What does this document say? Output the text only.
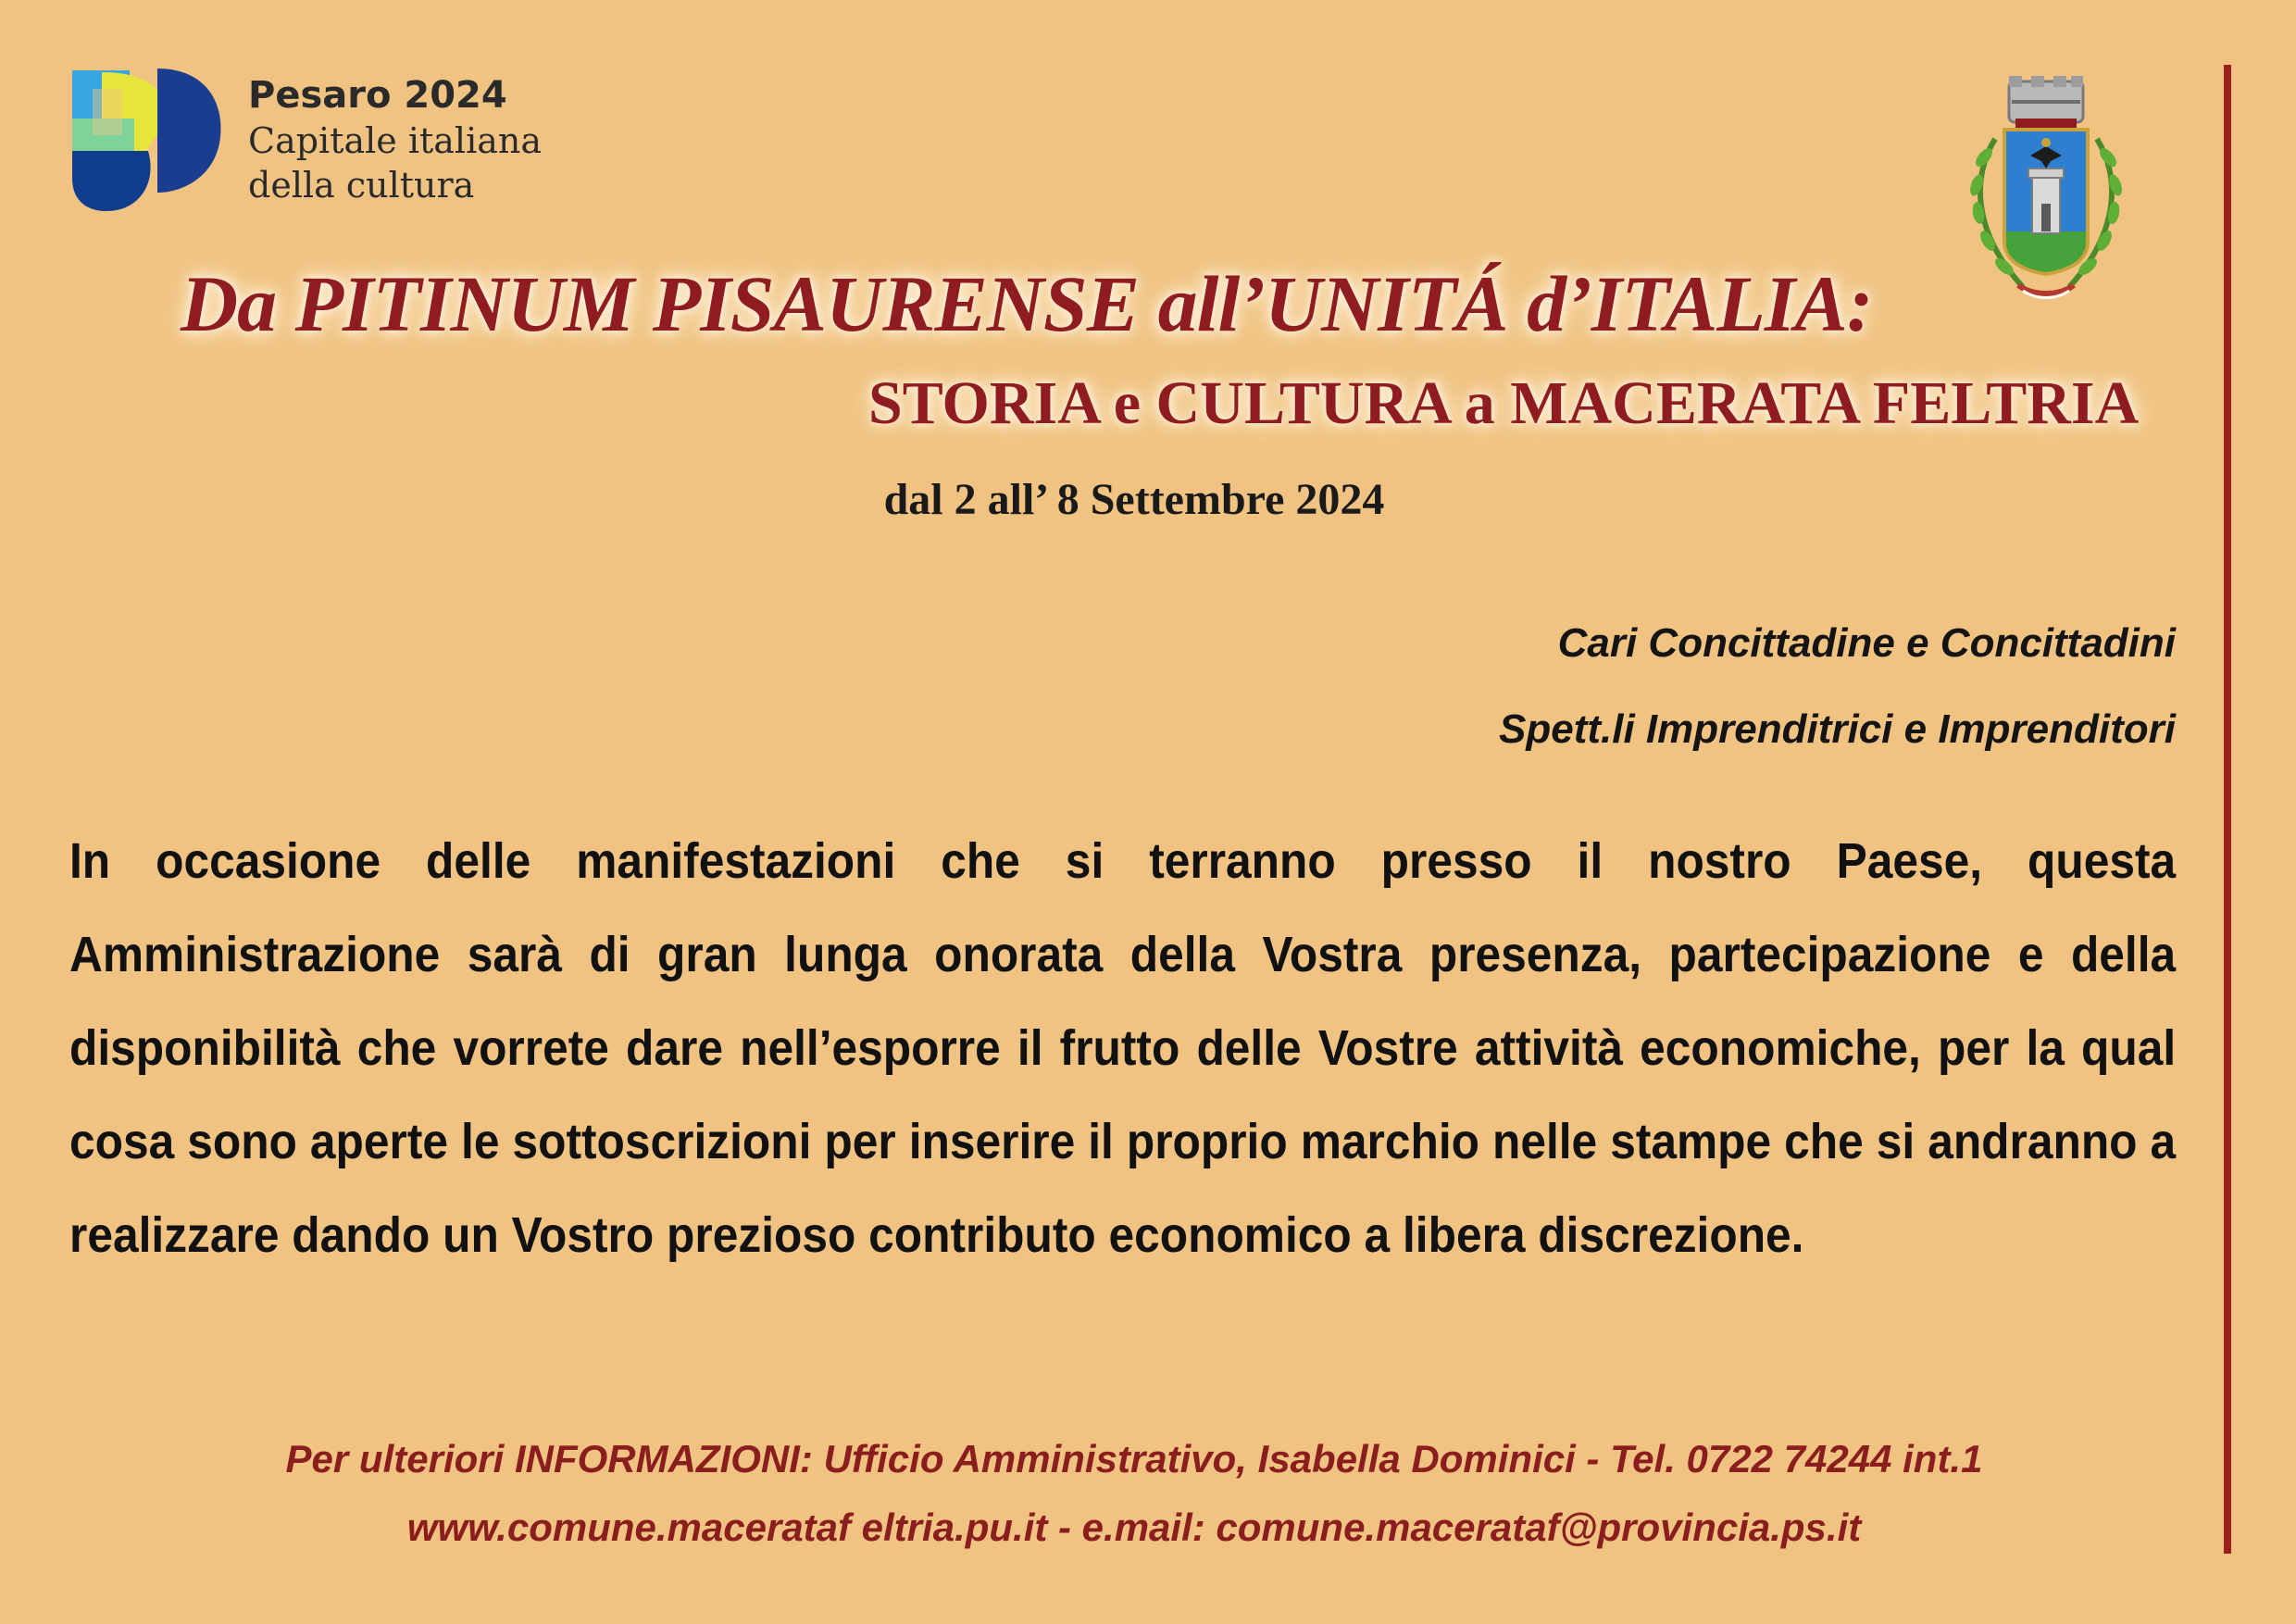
Pesaro 2024
Capitale italiana
della cultura
Da PITINUM PISAURENSE all’UNITÁ d’ITALIA:
STORIA e CULTURA a MACERATA FELTRIA
dal 2 all’ 8 Settembre 2024
Cari Concittadine e Concittadini
Spett.li Imprenditrici e Imprenditori
In occasione delle manifestazioni che si terranno presso il nostro Paese, questa Amministrazione sarà di gran lunga onorata della Vostra presenza, partecipazione e della disponibilità che vorrete dare nell’esporre il frutto delle Vostre attività economiche, per la qual cosa sono aperte le sottoscrizioni per inserire il proprio marchio nelle stampe che si andranno a realizzare dando un Vostro prezioso contributo economico a libera discrezione.
Per ulteriori INFORMAZIONI: Ufficio Amministrativo, Isabella Dominici - Tel. 0722 74244 int.1
www.comune.macerataf eltria.pu.it - e.mail: comune.macerataf@provincia.ps.it
